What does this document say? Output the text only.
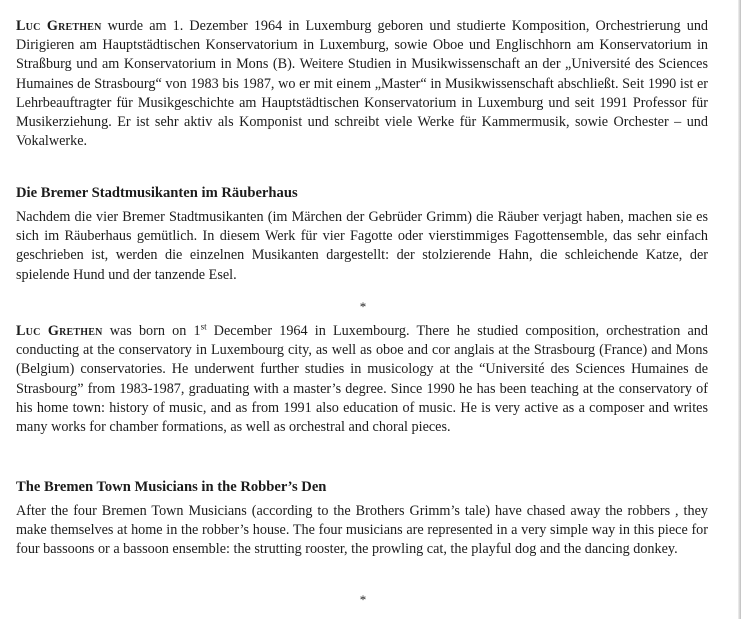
Luc Grethen wurde am 1. Dezember 1964 in Luxemburg geboren und studierte Komposition, Orchestrierung und Dirigieren am Hauptstädtischen Konservatorium in Luxemburg, sowie Oboe und Englischhorn am Konservatorium in Straßburg und am Konservatorium in Mons (B). Weitere Studien in Musikwissenschaft an der „Université des Sciences Humaines de Strasbourg“ von 1983 bis 1987, wo er mit einem „Master“ in Musikwissenschaft abschließt. Seit 1990 ist er Lehrbeauftragter für Musikgeschichte am Hauptstädtischen Konservatorium in Luxemburg und seit 1991 Professor für Musikerziehung. Er ist sehr aktiv als Komponist und schreibt viele Werke für Kammermusik, sowie Orchester – und Vokalwerke.

Die Bremer Stadtmusikanten im Räuberhaus

Nachdem die vier Bremer Stadtmusikanten (im Märchen der Gebrüder Grimm) die Räuber verjagt haben, machen sie es sich im Räuberhaus gemütlich. In diesem Werk für vier Fagotte oder vierstimmiges Fagottensemble, das sehr einfach geschrieben ist, werden die einzelnen Musikanten dargestellt: der stolzierende Hahn, die schleichende Katze, der spielende Hund und der tanzende Esel.

*

Luc Grethen was born on 1st December 1964 in Luxembourg. There he studied composition, orchestration and conducting at the conservatory in Luxembourg city, as well as oboe and cor anglais at the Strasbourg (France) and Mons (Belgium) conservatories. He underwent further studies in musicology at the “Université des Sciences Humaines de Strasbourg” from 1983-1987, graduating with a master’s degree. Since 1990 he has been teaching at the conservatory of his home town: history of music, and as from 1991 also education of music. He is very active as a composer and writes many works for chamber formations, as well as orchestral and choral pieces.

The Bremen Town Musicians in the Robber’s Den

After the four Bremen Town Musicians (according to the Brothers Grimm’s tale) have chased away the robbers , they make themselves at home in the robber’s house. The four musicians are represented in a very simple way in this piece for four bassoons or a bassoon ensemble: the strutting rooster, the prowling cat, the playful dog and the dancing donkey.

*
